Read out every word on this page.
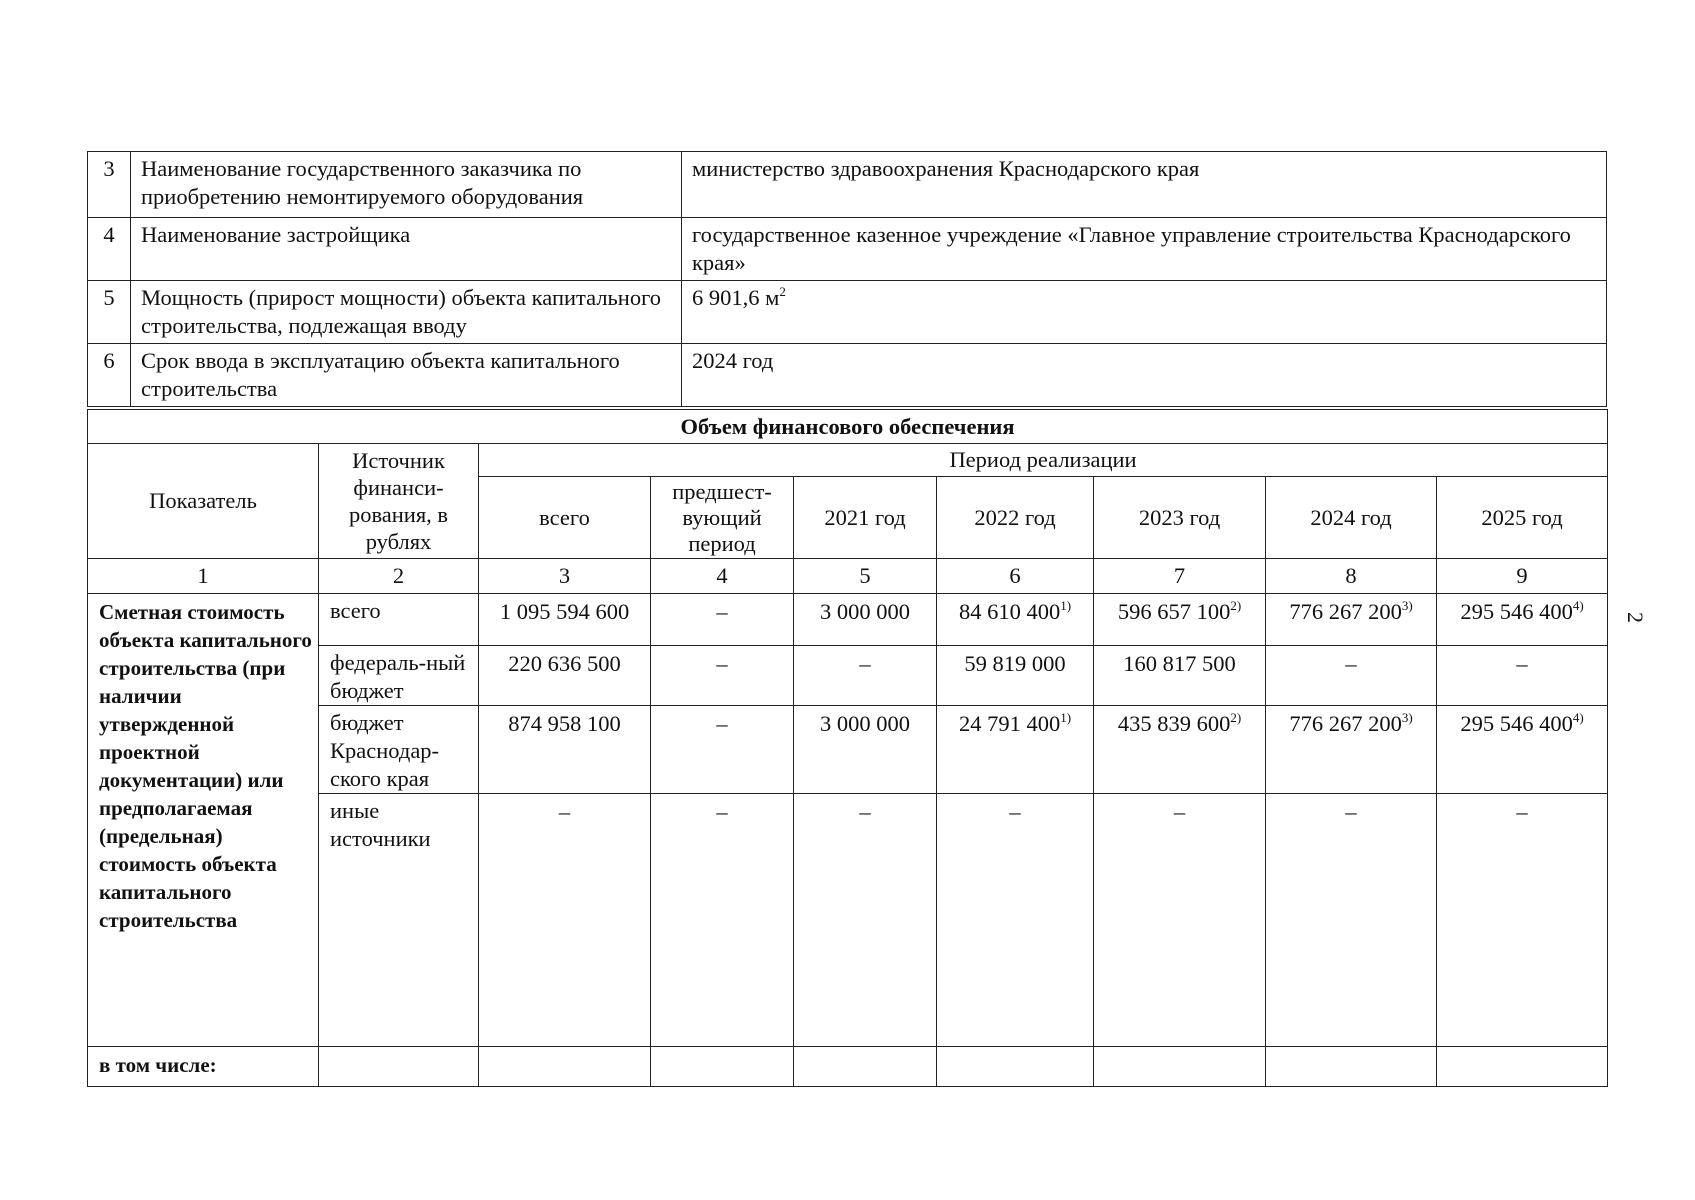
2
3	Наименование государственного заказчика по приобретению немонтируемого оборудования	министерство здравоохранения Краснодарского края
4	Наименование застройщика	государственное казенное учреждение «Главное управление строительства Краснодарского края»
5	Мощность (прирост мощности) объекта капитального строительства, подлежащая вводу	6 901,6 $м^2$
6	Срок ввода в эксплуатацию объекта капитального строительства	2024 год
Объем финансового обеспечения								
Показатель	Источник финанси-рования, в рублях	Период реализации						
		всего	предшест-вующий период	2021 год	2022 год	2023 год	2024 год	2025 год
1	2	3	4	5	6	7	8	9
Сметная стоимость объекта капитального строительства (при наличии утвержденной проектной документации) или предполагаемая (предельная) стоимость объекта капитального строительства	всего	1 095 594 600	–	3 000 000	84 610 400$^{1)}$	596 657 100$^{2)}$	776 267 200$^{3)}$	295 546 400$^{4)}$
	федераль-ный бюджет	220 636 500	–	–	59 819 000	160 817 500	–	–
	бюджет Краснодар-ского края	874 958 100	–	3 000 000	24 791 400$^{1)}$	435 839 600$^{2)}$	776 267 200$^{3)}$	295 546 400$^{4)}$
	иные источники	–	–	–	–	–	–	–
в том числе:								
